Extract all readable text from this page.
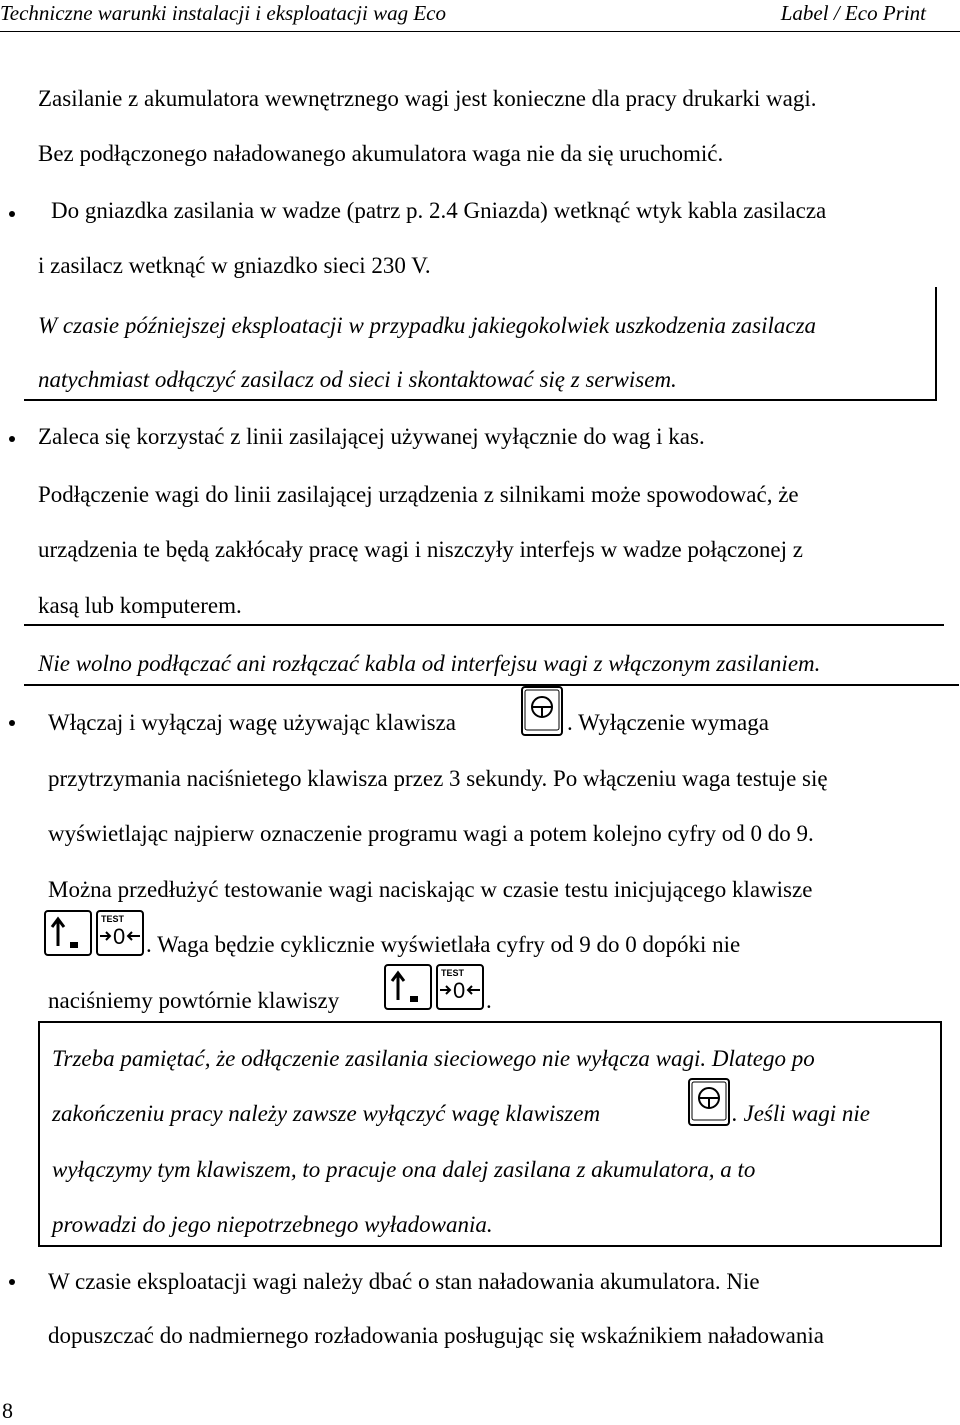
Techniczne warunki instalacji i eksploatacji wag Eco	Label / Eco Print
Zasilanie z akumulatora wewnętrznego wagi jest konieczne dla pracy drukarki wagi.
Bez podłączonego naładowanego akumulatora waga nie da się uruchomić.
Do gniazdka zasilania w wadze (patrz p. 2.4 Gniazda) wetknąć wtyk kabla zasilacza
i zasilacz wetknąć w gniazdko sieci 230 V.
W czasie późniejszej eksploatacji w przypadku jakiegokolwiek uszkodzenia zasilacza
natychmiast odłączyć zasilacz od sieci i skontaktować się z serwisem.
Zaleca się korzystać z linii zasilającej używanej wyłącznie do wag i kas.
Podłączenie wagi do linii zasilającej urządzenia z silnikami może spowodować, że
urządzenia te będą zakłócały pracę wagi i niszczyły interfejs w wadze połączonej z
kasą lub komputerem.
Nie wolno podłączać ani rozłączać kabla od interfejsu wagi z włączonym zasilaniem.
Włączaj i wyłączaj wagę używając klawisza	. Wyłączenie wymaga
przytrzymania naciśnietego klawisza przez 3 sekundy. Po włączeniu waga testuje się
wyświetlając najpierw oznaczenie programu wagi a potem kolejno cyfry od 0 do 9.
Można przedłużyć testowanie wagi naciskając w czasie testu inicjującego klawisze
TEST
0 . Waga będzie cyklicznie wyświetlała cyfry od 9 do 0 dopóki nie
naciśniemy powtórnie klawiszy
TEST
0 .
Trzeba pamiętać, że odłączenie zasilania sieciowego nie wyłącza wagi. Dlatego po
zakończeniu pracy należy zawsze wyłączyć wagę klawiszem	. Jeśli wagi nie
wyłączymy tym klawiszem, to pracuje ona dalej zasilana z akumulatora, a to
prowadzi do jego niepotrzebnego wyładowania.
W czasie eksploatacji wagi należy dbać o stan naładowania akumulatora. Nie
dopuszczać do nadmiernego rozładowania posługując się wskaźnikiem naładowania
8
